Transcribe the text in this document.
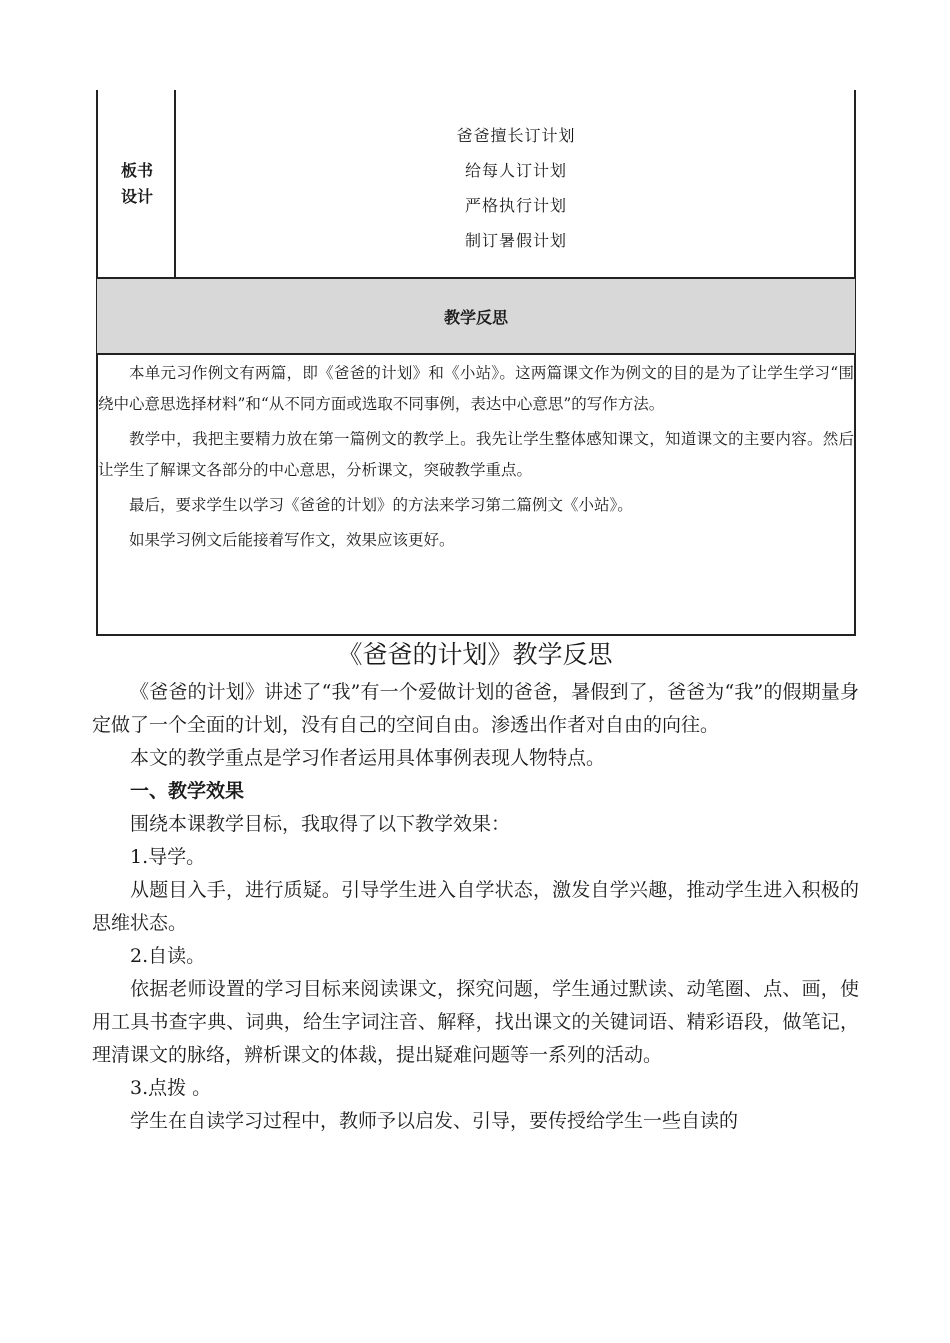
板书
设计
爸爸擅长订计划
给每人订计划
严格执行计划
制订暑假计划
教学反思

本单元习作例文有两篇，即《爸爸的计划》和《小站》。这两篇课文作为例文的目的是为了让学生学习“围绕中心意思选择材料”和“从不同方面或选取不同事例，表达中心意思”的写作方法。

教学中，我把主要精力放在第一篇例文的教学上。我先让学生整体感知课文，知道课文的主要内容。然后让学生了解课文各部分的中心意思，分析课文，突破教学重点。

最后，要求学生以学习《爸爸的计划》的方法来学习第二篇例文《小站》。

如果学习例文后能接着写作文，效果应该更好。

《爸爸的计划》教学反思

《爸爸的计划》讲述了“我”有一个爱做计划的爸爸，暑假到了，爸爸为“我”的假期量身定做了一个全面的计划，没有自己的空间自由。渗透出作者对自由的向往。

本文的教学重点是学习作者运用具体事例表现人物特点。

一、教学效果

围绕本课教学目标，我取得了以下教学效果：

1.导学。

从题目入手，进行质疑。引导学生进入自学状态，激发自学兴趣，推动学生进入积极的思维状态。

2.自读。

依据老师设置的学习目标来阅读课文，探究问题，学生通过默读、动笔圈、点、画，使用工具书查字典、词典，给生字词注音、解释，找出课文的关键词语、精彩语段，做笔记，理清课文的脉络，辨析课文的体裁，提出疑难问题等一系列的活动。

3.点拨 。

学生在自读学习过程中，教师予以启发、引导，要传授给学生一些自读的
